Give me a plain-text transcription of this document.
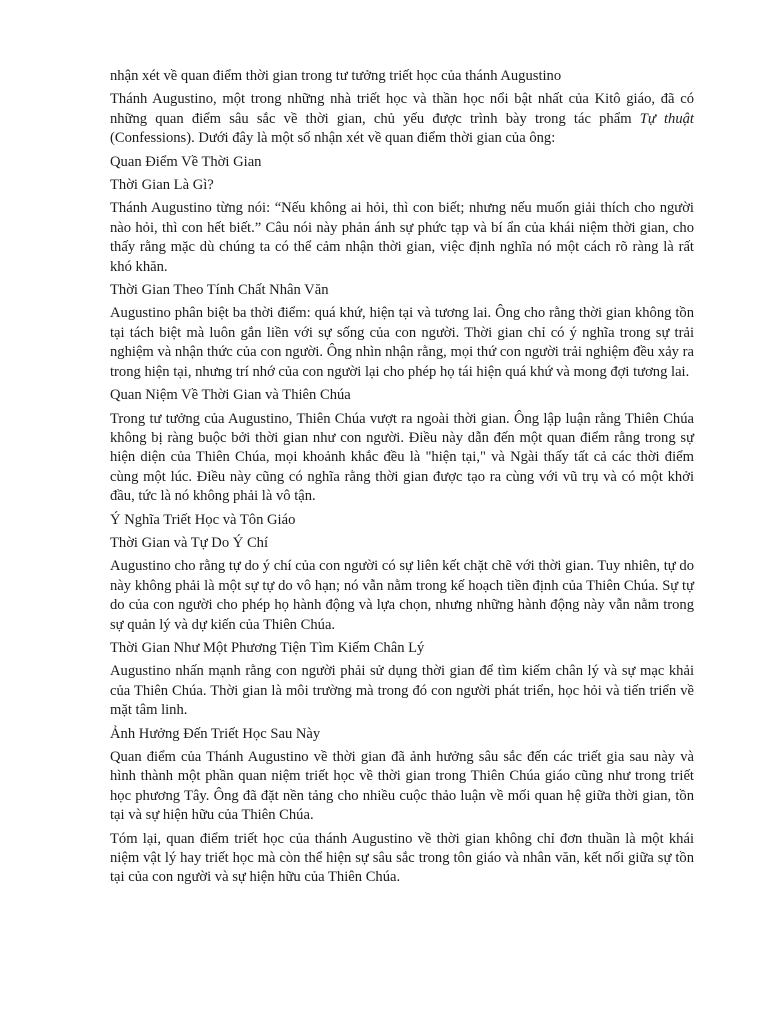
nhận xét về quan điểm thời gian trong tư tưởng triết học của thánh Augustino
Thánh Augustino, một trong những nhà triết học và thần học nổi bật nhất của Kitô giáo, đã có những quan điểm sâu sắc về thời gian, chủ yếu được trình bày trong tác phẩm Tự thuật (Confessions). Dưới đây là một số nhận xét về quan điểm thời gian của ông:
Quan Điểm Về Thời Gian
Thời Gian Là Gì?
Thánh Augustino từng nói: “Nếu không ai hỏi, thì con biết; nhưng nếu muốn giải thích cho người nào hỏi, thì con hết biết.” Câu nói này phản ánh sự phức tạp và bí ẩn của khái niệm thời gian, cho thấy rằng mặc dù chúng ta có thể cảm nhận thời gian, việc định nghĩa nó một cách rõ ràng là rất khó khăn.
Thời Gian Theo Tính Chất Nhân Văn
Augustino phân biệt ba thời điểm: quá khứ, hiện tại và tương lai. Ông cho rằng thời gian không tồn tại tách biệt mà luôn gắn liền với sự sống của con người. Thời gian chỉ có ý nghĩa trong sự trải nghiệm và nhận thức của con người. Ông nhìn nhận rằng, mọi thứ con người trải nghiệm đều xảy ra trong hiện tại, nhưng trí nhớ của con người lại cho phép họ tái hiện quá khứ và mong đợi tương lai.
Quan Niệm Về Thời Gian và Thiên Chúa
Trong tư tưởng của Augustino, Thiên Chúa vượt ra ngoài thời gian. Ông lập luận rằng Thiên Chúa không bị ràng buộc bởi thời gian như con người. Điều này dẫn đến một quan điểm rằng trong sự hiện diện của Thiên Chúa, mọi khoảnh khắc đều là "hiện tại," và Ngài thấy tất cả các thời điểm cùng một lúc. Điều này cũng có nghĩa rằng thời gian được tạo ra cùng với vũ trụ và có một khởi đầu, tức là nó không phải là vô tận.
Ý Nghĩa Triết Học và Tôn Giáo
Thời Gian và Tự Do Ý Chí
Augustino cho rằng tự do ý chí của con người có sự liên kết chặt chẽ với thời gian. Tuy nhiên, tự do này không phải là một sự tự do vô hạn; nó vẫn nằm trong kế hoạch tiền định của Thiên Chúa. Sự tự do của con người cho phép họ hành động và lựa chọn, nhưng những hành động này vẫn nằm trong sự quản lý và dự kiến của Thiên Chúa.
Thời Gian Như Một Phương Tiện Tìm Kiếm Chân Lý
Augustino nhấn mạnh rằng con người phải sử dụng thời gian để tìm kiếm chân lý và sự mạc khải của Thiên Chúa. Thời gian là môi trường mà trong đó con người phát triển, học hỏi và tiến triển về mặt tâm linh.
Ảnh Hưởng Đến Triết Học Sau Này
Quan điểm của Thánh Augustino về thời gian đã ảnh hưởng sâu sắc đến các triết gia sau này và hình thành một phần quan niệm triết học về thời gian trong Thiên Chúa giáo cũng như trong triết học phương Tây. Ông đã đặt nền tảng cho nhiều cuộc thảo luận về mối quan hệ giữa thời gian, tồn tại và sự hiện hữu của Thiên Chúa.
Tóm lại, quan điểm triết học của thánh Augustino về thời gian không chỉ đơn thuần là một khái niệm vật lý hay triết học mà còn thể hiện sự sâu sắc trong tôn giáo và nhân văn, kết nối giữa sự tồn tại của con người và sự hiện hữu của Thiên Chúa.
